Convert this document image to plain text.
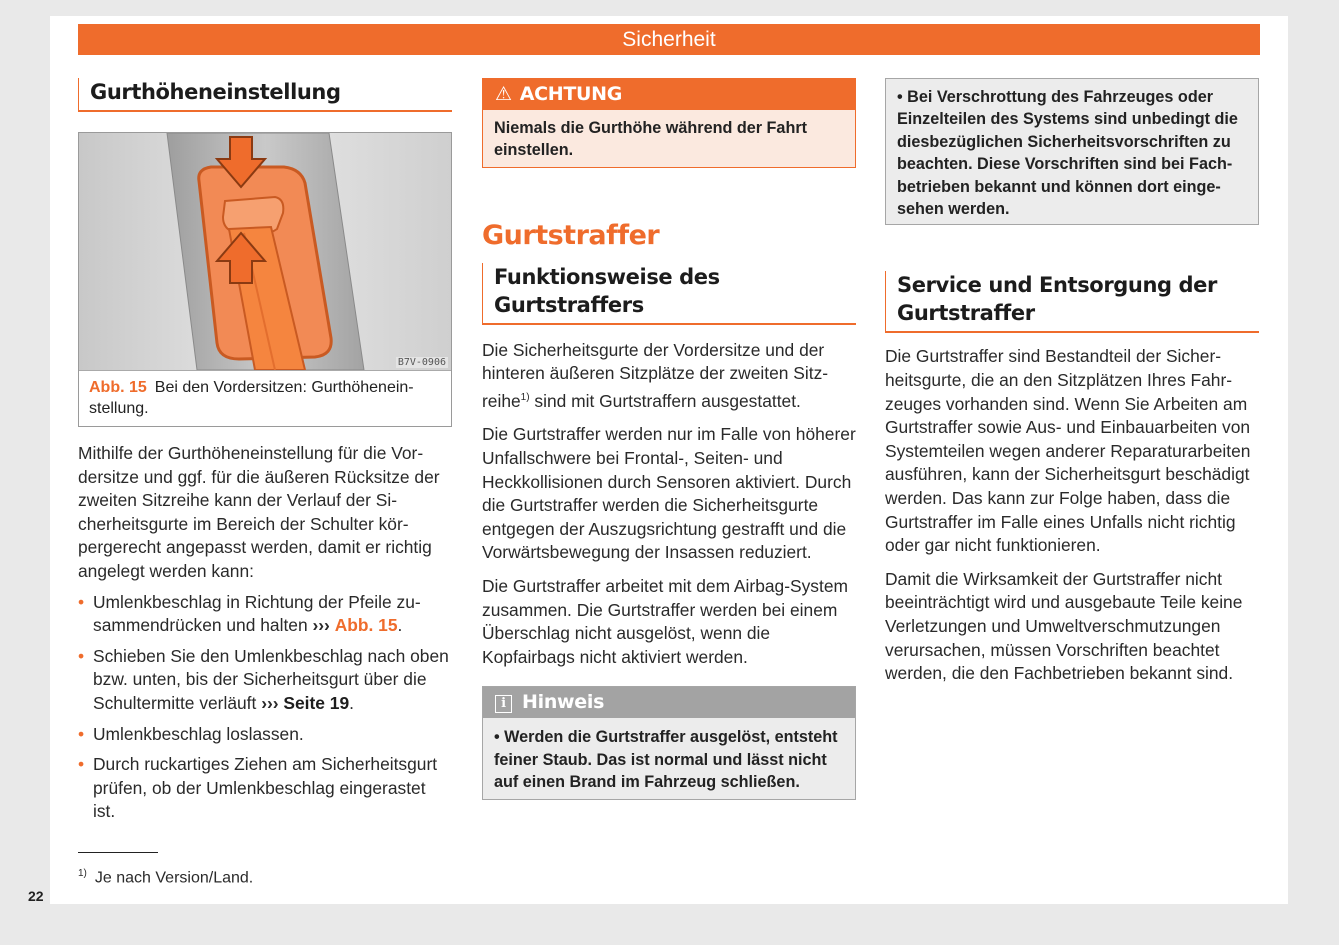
Sicherheit
Gurthöheneinstellung
B7V-0906
Abb. 15 Bei den Vordersitzen: Gurthöheneinstellung.

Mithilfe der Gurthöheneinstellung für die Vordersitze und ggf. für die äußeren Rücksitze der zweiten Sitzreihe kann der Verlauf der Sicherheitsgurte im Bereich der Schulter körpergerecht angepasst werden, damit er richtig angelegt werden kann:

• Umlenkbeschlag in Richtung der Pfeile zusammendrücken und halten ››› Abb. 15.
• Schieben Sie den Umlenkbeschlag nach oben bzw. unten, bis der Sicherheitsgurt über die Schultermitte verläuft ››› Seite 19.
• Umlenkbeschlag loslassen.
• Durch ruckartiges Ziehen am Sicherheitsgurt prüfen, ob der Umlenkbeschlag eingerastet ist.
⚠ ACHTUNG
Niemals die Gurthöhe während der Fahrt einstellen.
Gurtstraffer
Funktionsweise des Gurtstraffers

Die Sicherheitsgurte der Vordersitze und der hinteren äußeren Sitzplätze der zweiten Sitzreihe$^{1)}$ sind mit Gurtstraffern ausgestattet.

Die Gurtstraffer werden nur im Falle von höherer Unfallschwere bei Frontal-, Seiten- und Heckkollisionen durch Sensoren aktiviert. Durch die Gurtstraffer werden die Sicherheitsgurte entgegen der Auszugsrichtung gestrafft und die Vorwärtsbewegung der Insassen reduziert.

Die Gurtstraffer arbeitet mit dem Airbag-System zusammen. Die Gurtstraffer werden bei einem Überschlag nicht ausgelöst, wenn die Kopfairbags nicht aktiviert werden.

i Hinweis
• Werden die Gurtstraffer ausgelöst, entsteht feiner Staub. Das ist normal und lässt nicht auf einen Brand im Fahrzeug schließen.
• Bei Verschrottung des Fahrzeuges oder Einzelteilen des Systems sind unbedingt die diesbezüglichen Sicherheitsvorschriften zu beachten. Diese Vorschriften sind bei Fachbetrieben bekannt und können dort eingesehen werden.
Service und Entsorgung der Gurtstraffer

Die Gurtstraffer sind Bestandteil der Sicherheitsgurte, die an den Sitzplätzen Ihres Fahrzeuges vorhanden sind. Wenn Sie Arbeiten am Gurtstraffer sowie Aus- und Einbauarbeiten von Systemteilen wegen anderer Reparaturarbeiten ausführen, kann der Sicherheitsgurt beschädigt werden. Das kann zur Folge haben, dass die Gurtstraffer im Falle eines Unfalls nicht richtig oder gar nicht funktionieren.

Damit die Wirksamkeit der Gurtstraffer nicht beeinträchtigt wird und ausgebaute Teile keine Verletzungen und Umweltverschmutzungen verursachen, müssen Vorschriften beachtet werden, die den Fachbetrieben bekannt sind.

$^{1)}$ Je nach Version/Land.
22
